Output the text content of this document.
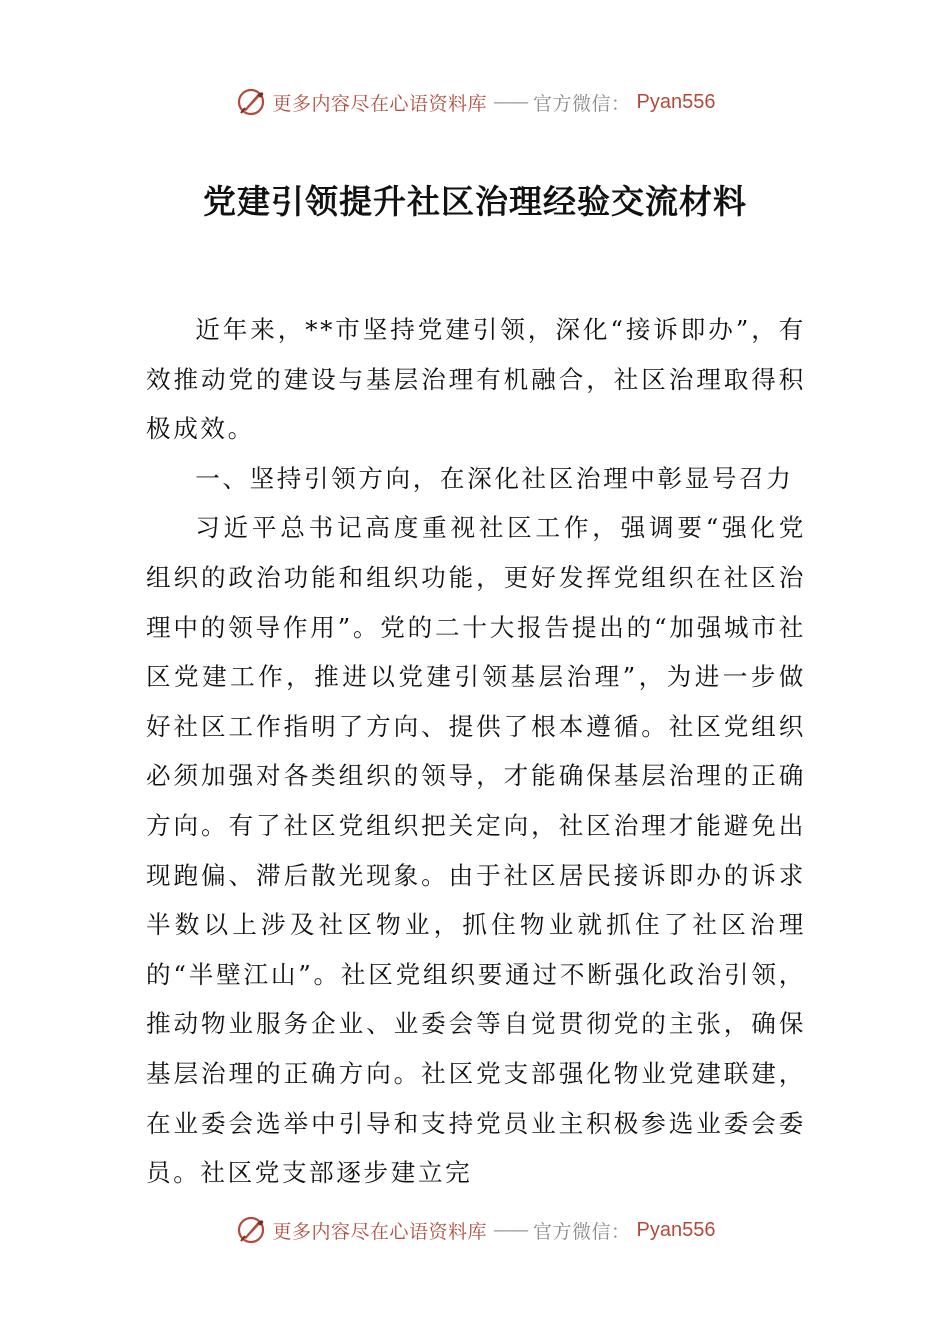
更多内容尽在心语资料库 —— 官方微信： Pyan556
党建引领提升社区治理经验交流材料

近年来，**市坚持党建引领，深化“接诉即办”，有效推动党的建设与基层治理有机融合，社区治理取得积极成效。

一、坚持引领方向，在深化社区治理中彰显号召力

习近平总书记高度重视社区工作，强调要“强化党组织的政治功能和组织功能，更好发挥党组织在社区治理中的领导作用”。党的二十大报告提出的“加强城市社区党建工作，推进以党建引领基层治理”，为进一步做好社区工作指明了方向、提供了根本遵循。社区党组织必须加强对各类组织的领导，才能确保基层治理的正确方向。有了社区党组织把关定向，社区治理才能避免出现跑偏、滞后散光现象。由于社区居民接诉即办的诉求半数以上涉及社区物业，抓住物业就抓住了社区治理的“半壁江山”。社区党组织要通过不断强化政治引领，推动物业服务企业、业委会等自觉贯彻党的主张，确保基层治理的正确方向。社区党支部强化物业党建联建，在业委会选举中引导和支持党员业主积极参选业委会委员。社区党支部逐步建立完

更多内容尽在心语资料库 —— 官方微信： Pyan556
